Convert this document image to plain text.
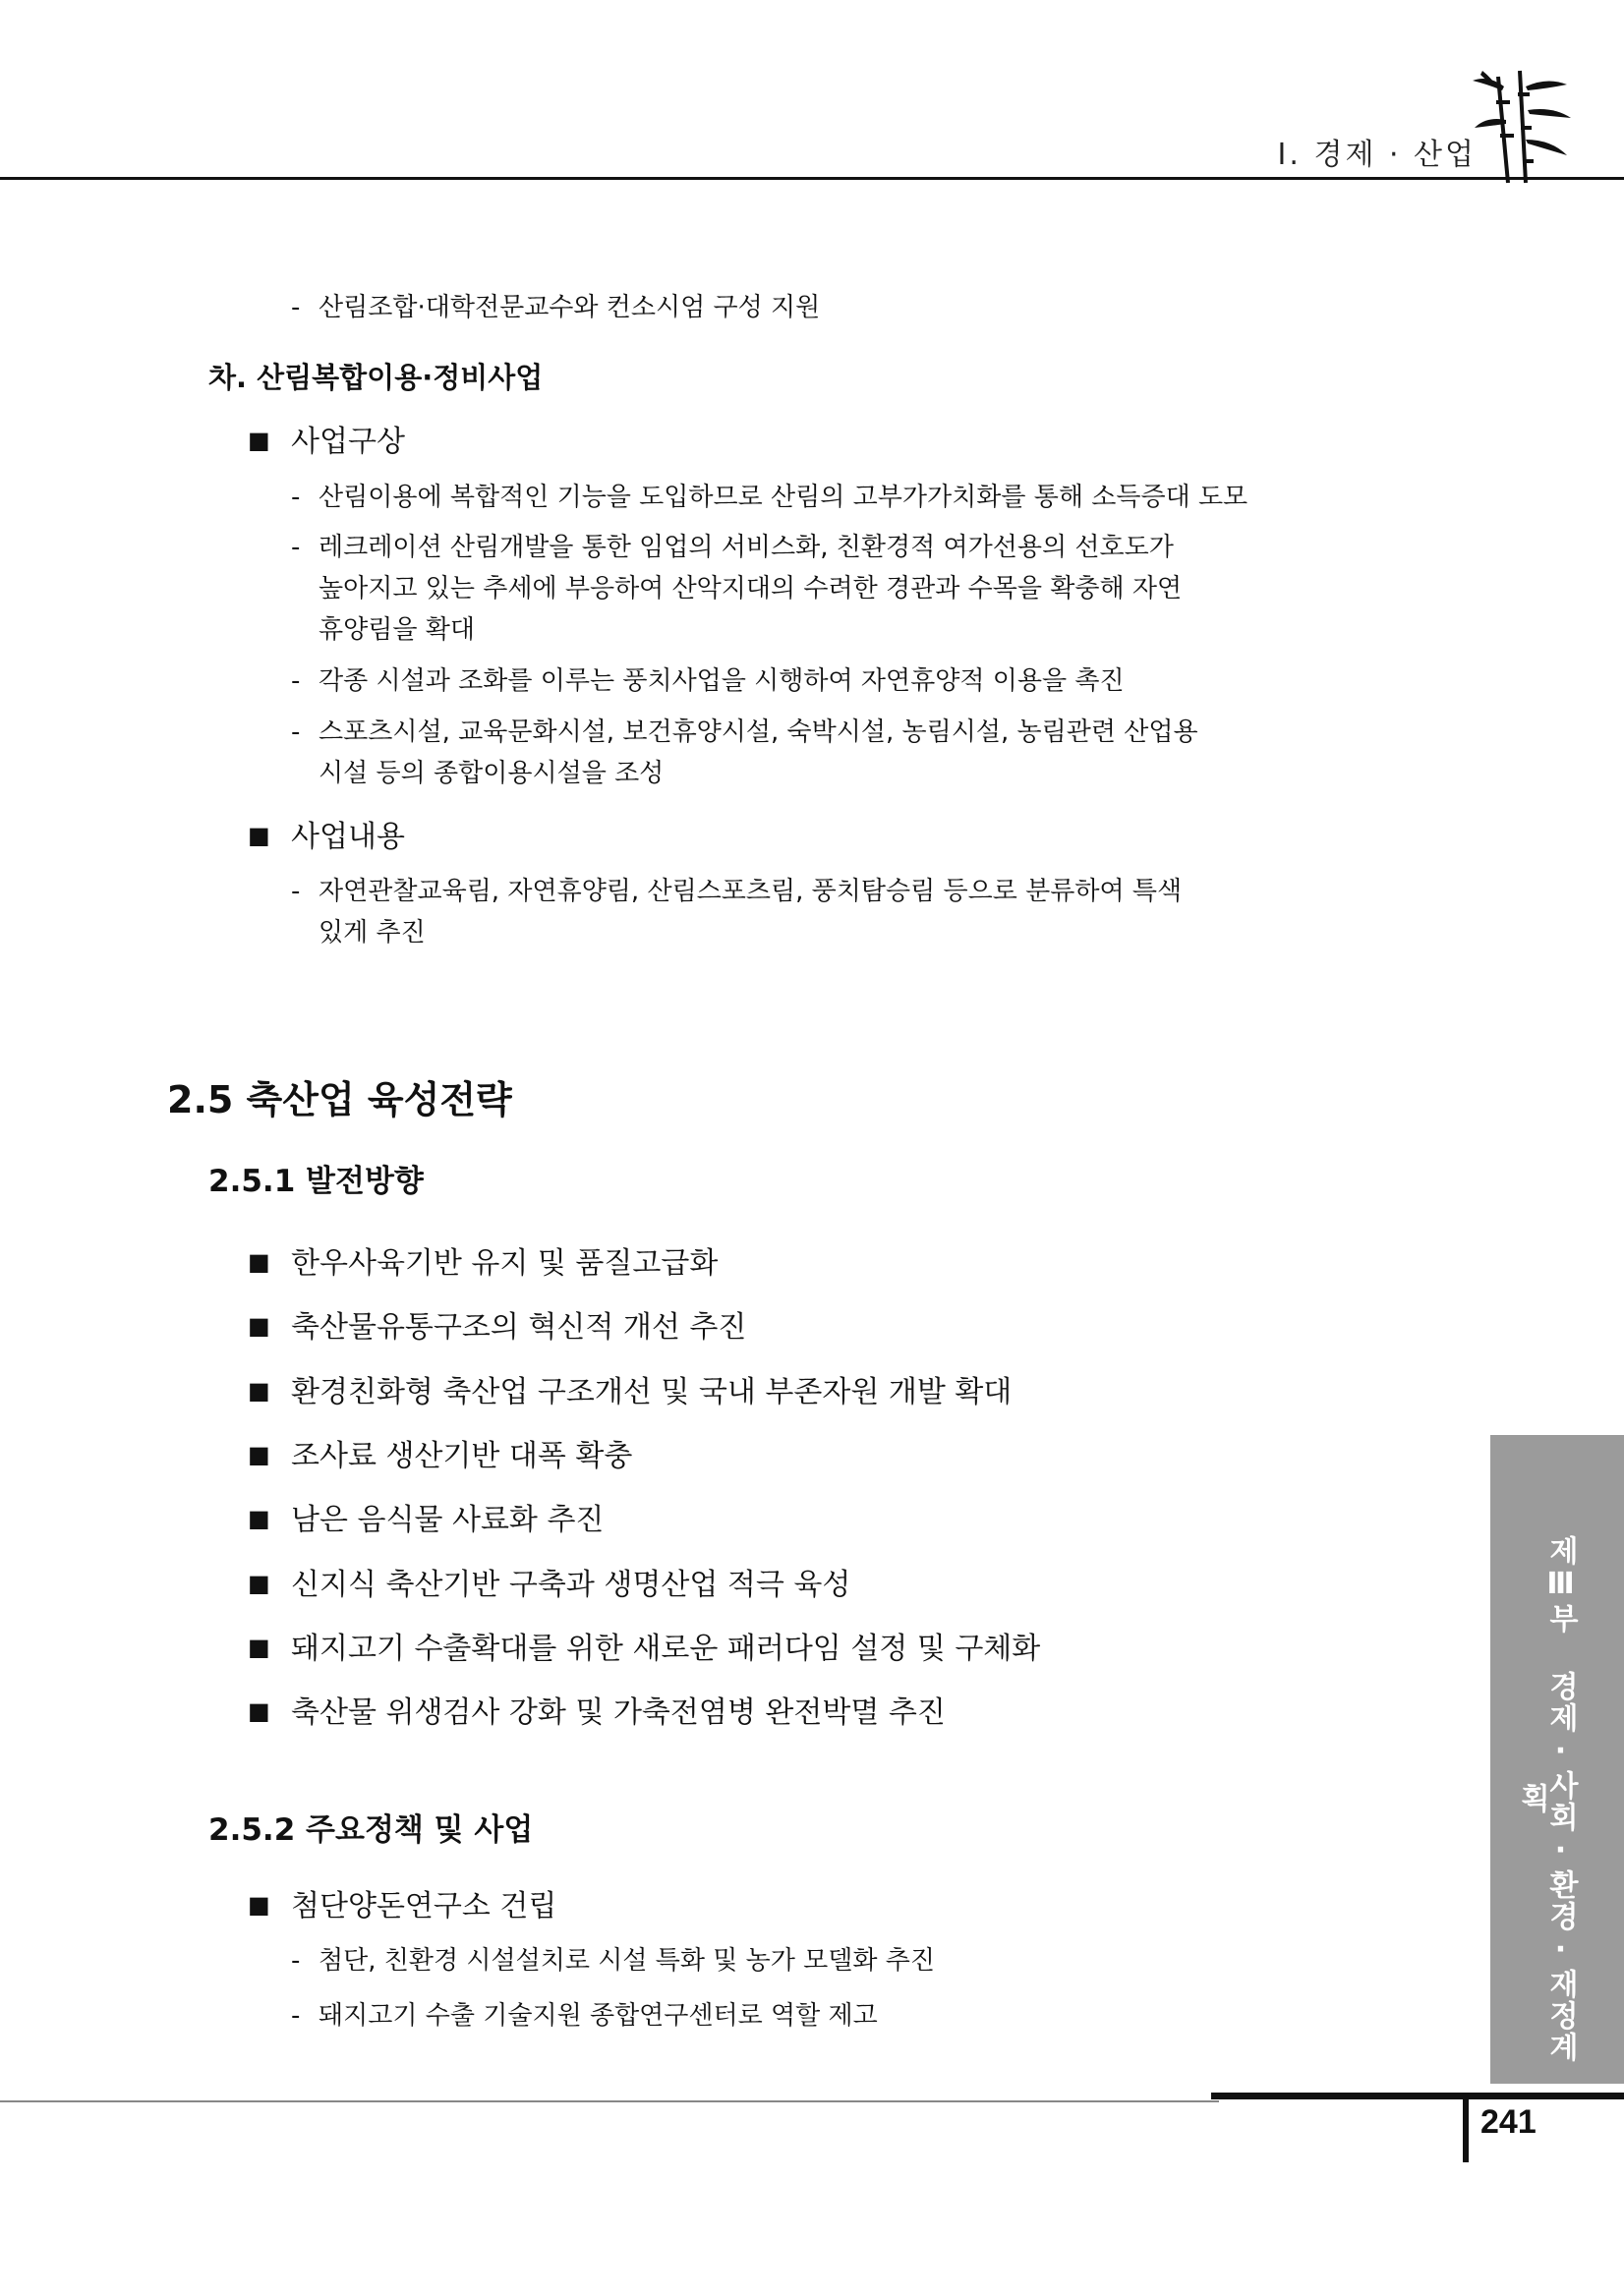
Ⅰ. 경제 · 산업
- 산림조합·대학전문교수와 컨소시엄 구성 지원
차. 산림복합이용·정비사업
■ 사업구상
- 산림이용에 복합적인 기능을 도입하므로 산림의 고부가가치화를 통해 소득증대 도모
- 레크레이션 산림개발을 통한 임업의 서비스화, 친환경적 여가선용의 선호도가
높아지고 있는 추세에 부응하여 산악지대의 수려한 경관과 수목을 확충해 자연
휴양림을 확대
- 각종 시설과 조화를 이루는 풍치사업을 시행하여 자연휴양적 이용을 촉진
- 스포츠시설, 교육문화시설, 보건휴양시설, 숙박시설, 농림시설, 농림관련 산업용
시설 등의 종합이용시설을 조성
■ 사업내용
- 자연관찰교육림, 자연휴양림, 산림스포츠림, 풍치탐승림 등으로 분류하여 특색
있게 추진
2.5 축산업 육성전략
2.5.1 발전방향
■ 한우사육기반 유지 및 품질고급화
■ 축산물유통구조의 혁신적 개선 추진
■ 환경친화형 축산업 구조개선 및 국내 부존자원 개발 확대
■ 조사료 생산기반 대폭 확충
■ 남은 음식물 사료화 추진
■ 신지식 축산기반 구축과 생명산업 적극 육성
■ 돼지고기 수출확대를 위한 새로운 패러다임 설정 및 구체화
■ 축산물 위생검사 강화 및 가축전염병 완전박멸 추진
2.5.2 주요정책 및 사업
■ 첨단양돈연구소 건립
- 첨단, 친환경 시설설치로 시설 특화 및 농가 모델화 추진
- 돼지고기 수출 기술지원 종합연구센터로 역할 제고	제Ⅲ부 경제·사회·환경·재정계획
241
